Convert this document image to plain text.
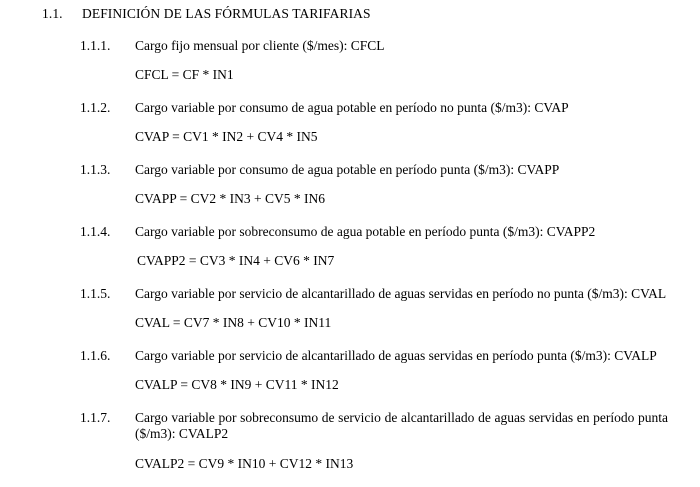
1.1.	DEFINICIÓN DE LAS FÓRMULAS TARIFARIAS
1.1.1.	Cargo fijo mensual por cliente ($/mes): CFCL
CFCL = CF * IN1
1.1.2.	Cargo variable por consumo de agua potable en período no punta ($/m3): CVAP
CVAP = CV1 * IN2 + CV4 * IN5
1.1.3.	Cargo variable por consumo de agua potable en período punta ($/m3): CVAPP
CVAPP = CV2 * IN3 + CV5 * IN6
1.1.4.	Cargo variable por sobreconsumo de agua potable en período punta ($/m3): CVAPP2
CVAPP2 = CV3 * IN4 + CV6 * IN7
1.1.5.	Cargo variable por servicio de alcantarillado de aguas servidas en período no punta ($/m3): CVAL
CVAL = CV7 * IN8 + CV10 * IN11
1.1.6.	Cargo variable por servicio de alcantarillado de aguas servidas en período punta ($/m3): CVALP
CVALP = CV8 * IN9 + CV11 * IN12
1.1.7.	Cargo variable por sobreconsumo de servicio de alcantarillado de aguas servidas en período punta ($/m3): CVALP2
CVALP2 = CV9 * IN10 + CV12 * IN13
